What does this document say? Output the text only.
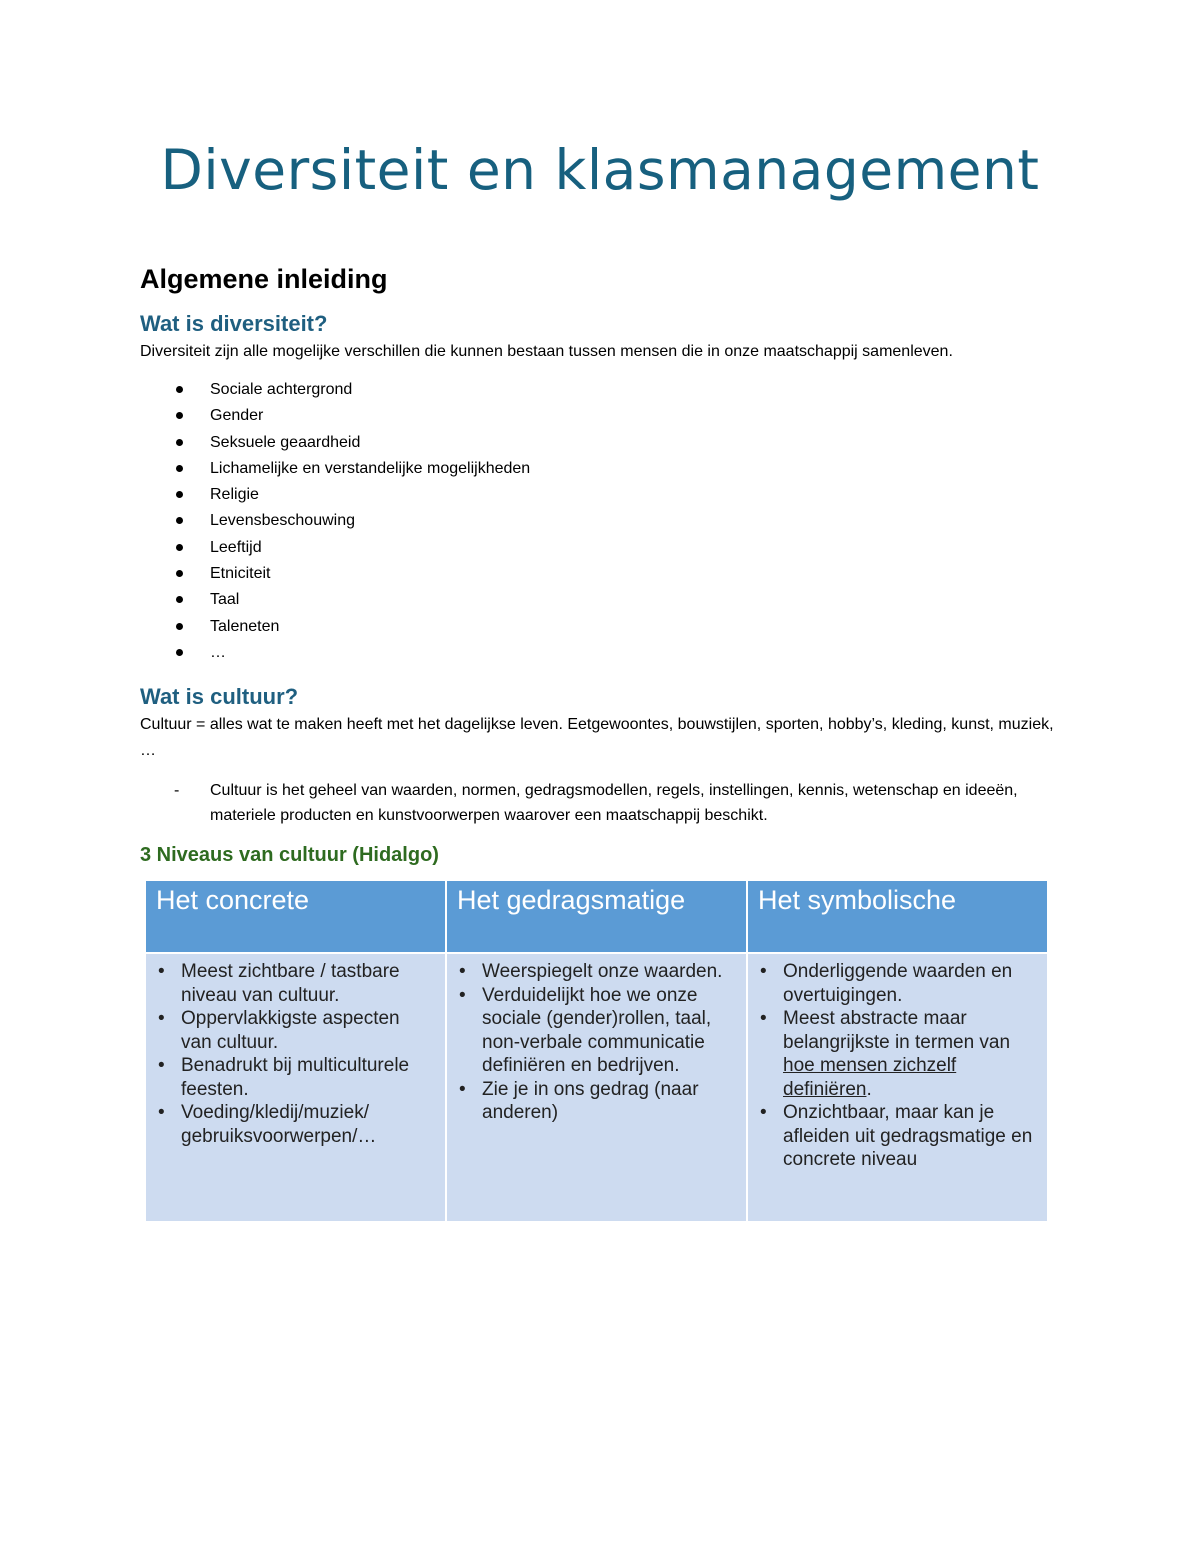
Diversiteit en klasmanagement
Algemene inleiding
Wat is diversiteit?

Diversiteit zijn alle mogelijke verschillen die kunnen bestaan tussen mensen die in onze maatschappij samenleven.

Sociale achtergrond
Gender
Seksuele geaardheid
Lichamelijke en verstandelijke mogelijkheden
Religie
Levensbeschouwing
Leeftijd
Etniciteit
Taal
Taleneten
…
Wat is cultuur?

Cultuur = alles wat te maken heeft met het dagelijkse leven. Eetgewoontes, bouwstijlen, sporten, hobby’s, kleding, kunst, muziek, …

- Cultuur is het geheel van waarden, normen, gedragsmodellen, regels, instellingen, kennis, wetenschap en ideeën, materiele producten en kunstvoorwerpen waarover een maatschappij beschikt.
3 Niveaus van cultuur (Hidalgo)
Het concrete
• Meest zichtbare / tastbare niveau van cultuur.
• Oppervlakkigste aspecten van cultuur.
• Benadrukt bij multiculturele feesten.
• Voeding/kledij/muziek/ gebruiksvoorwerpen/…
Het gedragsmatige
• Weerspiegelt onze waarden.
• Verduidelijkt hoe we onze sociale (gender)rollen, taal, non-verbale communicatie definiëren en bedrijven.
• Zie je in ons gedrag (naar anderen)
Het symbolische
• Onderliggende waarden en overtuigingen.
• Meest abstracte maar belangrijkste in termen van hoe mensen zichzelf definiëren.
• Onzichtbaar, maar kan je afleiden uit gedragsmatige en concrete niveau
